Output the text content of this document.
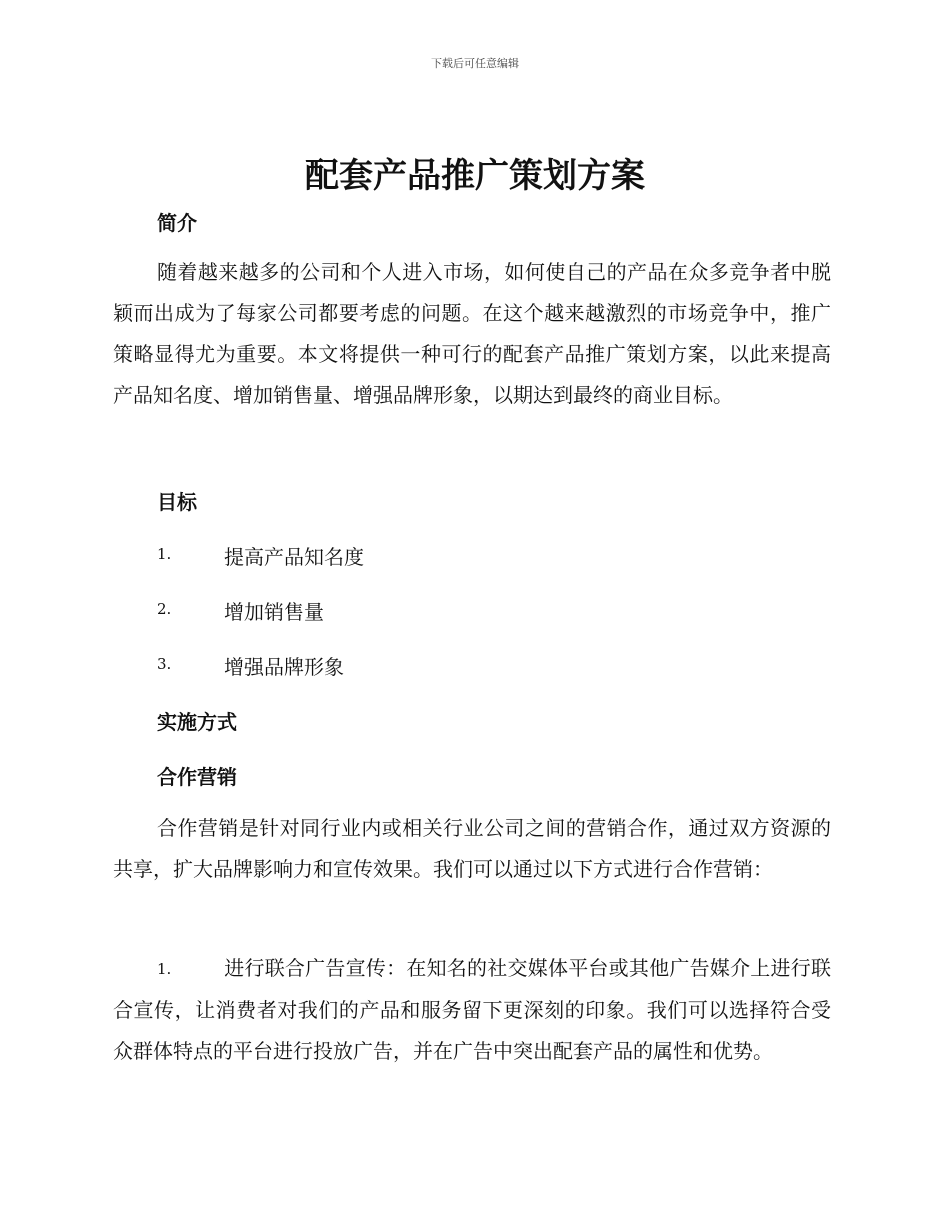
下载后可任意编辑
配套产品推广策划方案
简介

随着越来越多的公司和个人进入市场，如何使自己的产品在众多竞争者中脱颖而出成为了每家公司都要考虑的问题。在这个越来越激烈的市场竞争中，推广策略显得尤为重要。本文将提供一种可行的配套产品推广策划方案，以此来提高产品知名度、增加销售量、增强品牌形象，以期达到最终的商业目标。

目标
1.	提高产品知名度
2.	增加销售量
3.	增强品牌形象
实施方式
合作营销

合作营销是针对同行业内或相关行业公司之间的营销合作，通过双方资源的共享，扩大品牌影响力和宣传效果。我们可以通过以下方式进行合作营销：

1.	进行联合广告宣传：在知名的社交媒体平台或其他广告媒介上进行联合宣传，让消费者对我们的产品和服务留下更深刻的印象。我们可以选择符合受众群体特点的平台进行投放广告，并在广告中突出配套产品的属性和优势。
